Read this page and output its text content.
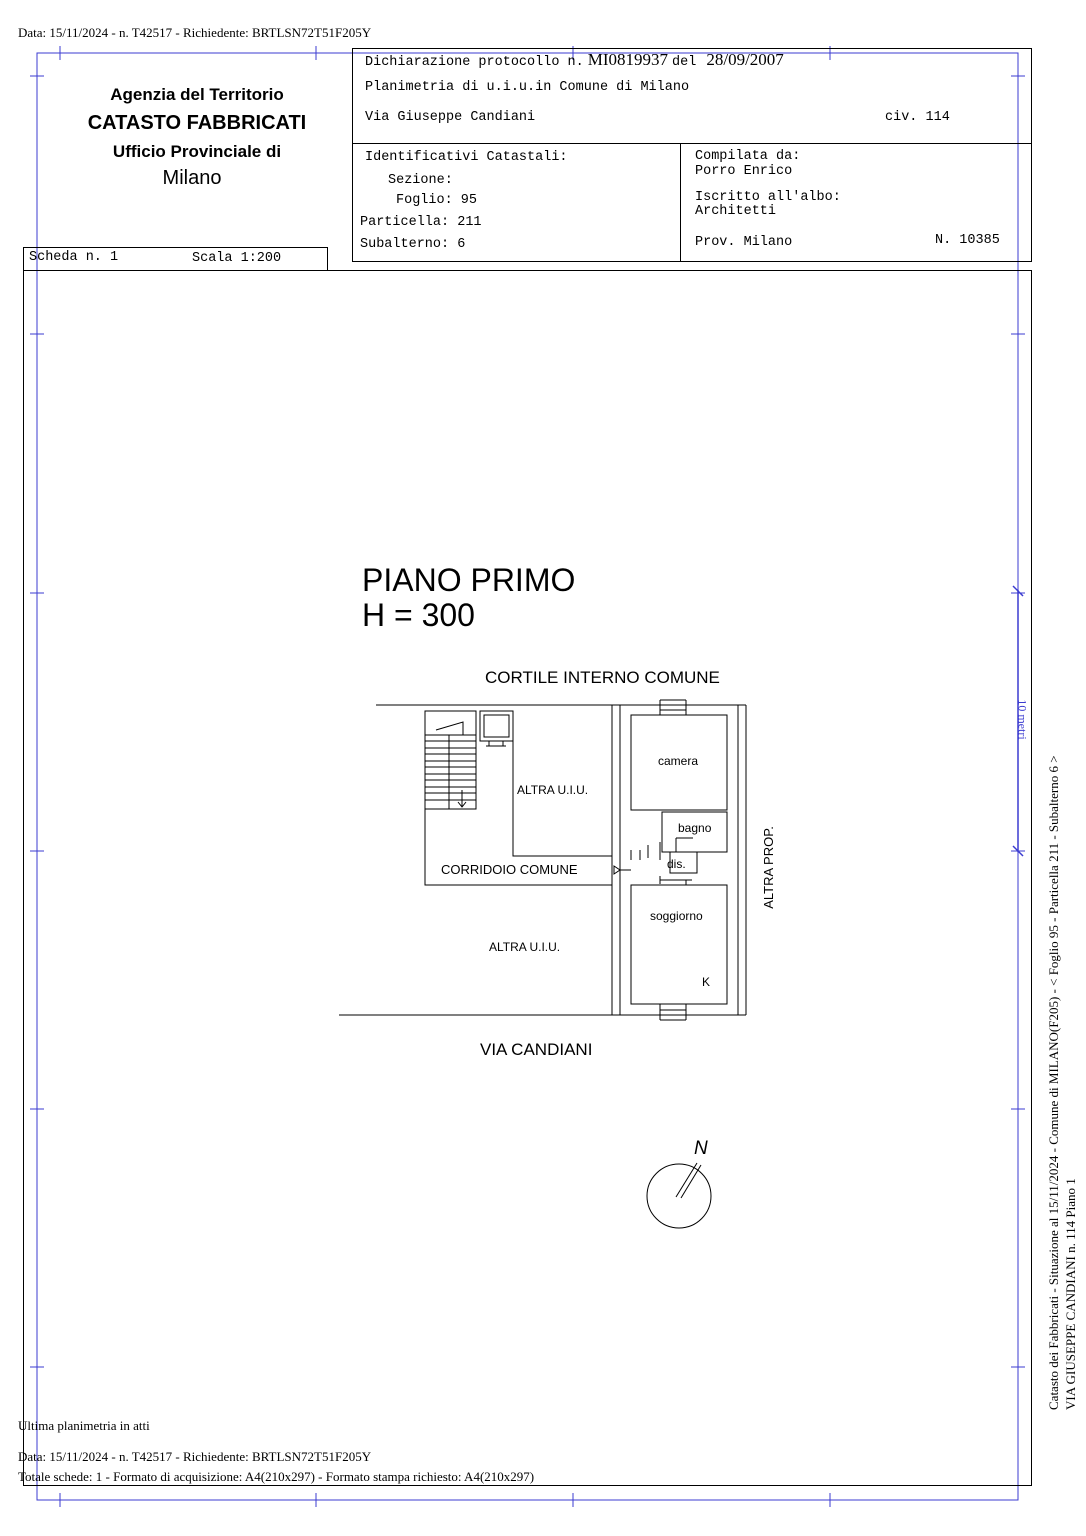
Data: 15/11/2024 - n. T42517 - Richiedente: BRTLSN72T51F205Y
10 metri
Agenzia del Territorio
CATASTO FABBRICATI
Ufficio Provinciale di
Milano
Dichiarazione protocollo n. MI0819937 del 28/09/2007
Planimetria di u.i.u.in Comune di Milano
Via Giuseppe Candiani	civ. 114
Identificativi Catastali:
Sezione:
Foglio: 95
Particella: 211
Subalterno: 6
Compilata da:
Porro Enrico
Iscritto all'albo:
Architetti
Prov. Milano	N. 10385
Scheda n. 1	Scala 1:200
PIANO PRIMO
H = 300
CORTILE INTERNO COMUNE
VIA CANDIANI
ALTRA PROP.
ALTRA U.I.U.
ALTRA U.I.U.
CORRIDOIO COMUNE
camera
bagno
dis.
soggiorno
K
N	Catasto dei Fabbricati - Situazione al 15/11/2024 - Comune di MILANO(F205) - < Foglio 95 - Particella 211 - Subalterno 6 > VIA GIUSEPPE CANDIANI n. 114 Piano 1
Ultima planimetria in atti
Data: 15/11/2024 - n. T42517 - Richiedente: BRTLSN72T51F205Y
Totale schede: 1 - Formato di acquisizione: A4(210x297) - Formato stampa richiesto: A4(210x297)
